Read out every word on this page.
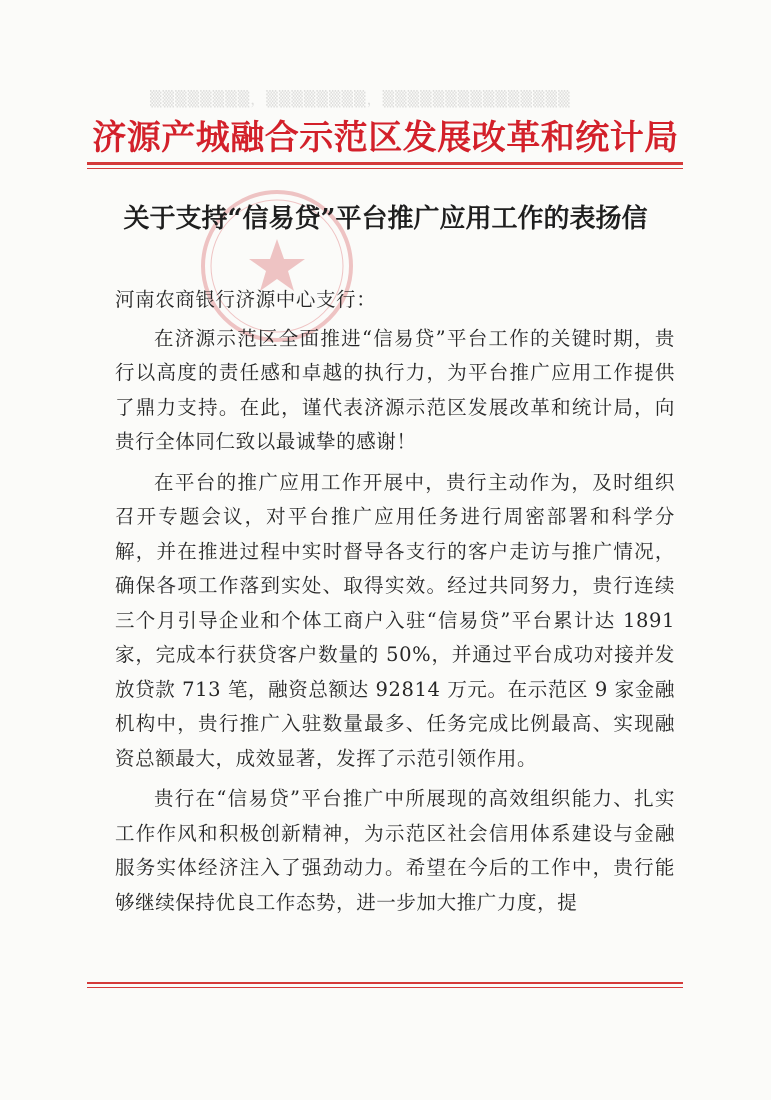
▒▒▒▒▒▒▒▒，▒▒▒▒▒▒▒▒，▒▒▒▒▒▒▒▒▒▒▒▒▒▒▒
济源产城融合示范区发展改革和统计局
关于支持“信易贷”平台推广应用工作的表扬信

河南农商银行济源中心支行：

在济源示范区全面推进“信易贷”平台工作的关键时期，贵行以高度的责任感和卓越的执行力，为平台推广应用工作提供了鼎力支持。在此，谨代表济源示范区发展改革和统计局，向贵行全体同仁致以最诚挚的感谢！

在平台的推广应用工作开展中，贵行主动作为，及时组织召开专题会议，对平台推广应用任务进行周密部署和科学分解，并在推进过程中实时督导各支行的客户走访与推广情况，确保各项工作落到实处、取得实效。经过共同努力，贵行连续三个月引导企业和个体工商户入驻“信易贷”平台累计达 1891 家，完成本行获贷客户数量的 50%，并通过平台成功对接并发放贷款 713 笔，融资总额达 92814 万元。在示范区 9 家金融机构中，贵行推广入驻数量最多、任务完成比例最高、实现融资总额最大，成效显著，发挥了示范引领作用。

贵行在“信易贷”平台推广中所展现的高效组织能力、扎实工作作风和积极创新精神，为示范区社会信用体系建设与金融服务实体经济注入了强劲动力。希望在今后的工作中，贵行能够继续保持优良工作态势，进一步加大推广力度，提
